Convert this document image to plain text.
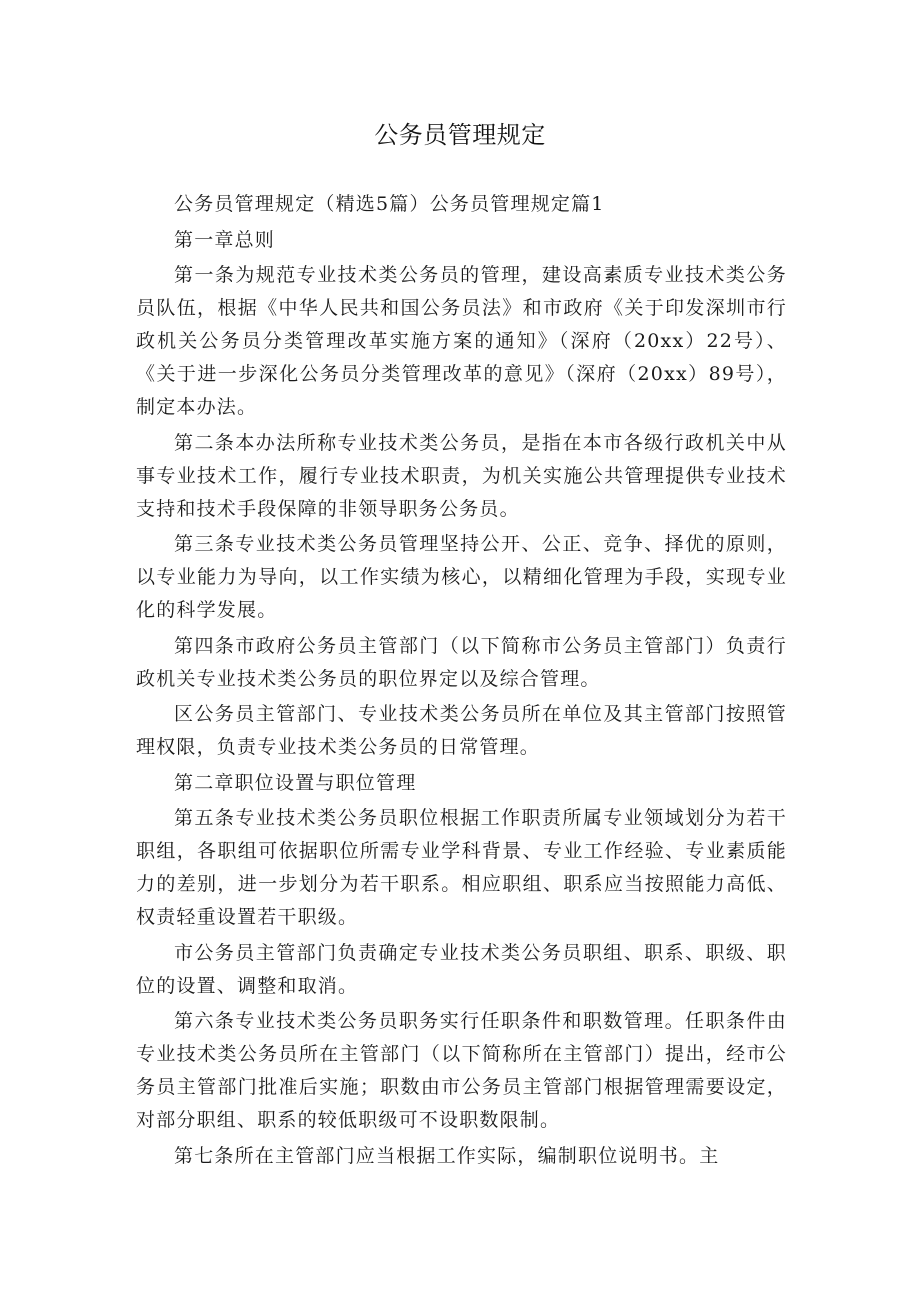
公务员管理规定

公务员管理规定（精选5篇）公务员管理规定篇1

第一章总则

第一条为规范专业技术类公务员的管理，建设高素质专业技术类公务员队伍，根据《中华人民共和国公务员法》和市政府《关于印发深圳市行政机关公务员分类管理改革实施方案的通知》（深府（20xx）22号）、《关于进一步深化公务员分类管理改革的意见》（深府（20xx）89号），制定本办法。

第二条本办法所称专业技术类公务员，是指在本市各级行政机关中从事专业技术工作，履行专业技术职责，为机关实施公共管理提供专业技术支持和技术手段保障的非领导职务公务员。

第三条专业技术类公务员管理坚持公开、公正、竞争、择优的原则，以专业能力为导向，以工作实绩为核心，以精细化管理为手段，实现专业化的科学发展。

第四条市政府公务员主管部门（以下简称市公务员主管部门）负责行政机关专业技术类公务员的职位界定以及综合管理。

区公务员主管部门、专业技术类公务员所在单位及其主管部门按照管理权限，负责专业技术类公务员的日常管理。

第二章职位设置与职位管理

第五条专业技术类公务员职位根据工作职责所属专业领域划分为若干职组，各职组可依据职位所需专业学科背景、专业工作经验、专业素质能力的差别，进一步划分为若干职系。相应职组、职系应当按照能力高低、权责轻重设置若干职级。

市公务员主管部门负责确定专业技术类公务员职组、职系、职级、职位的设置、调整和取消。

第六条专业技术类公务员职务实行任职条件和职数管理。任职条件由专业技术类公务员所在主管部门（以下简称所在主管部门）提出，经市公务员主管部门批准后实施；职数由市公务员主管部门根据管理需要设定，对部分职组、职系的较低职级可不设职数限制。

第七条所在主管部门应当根据工作实际，编制职位说明书。主
